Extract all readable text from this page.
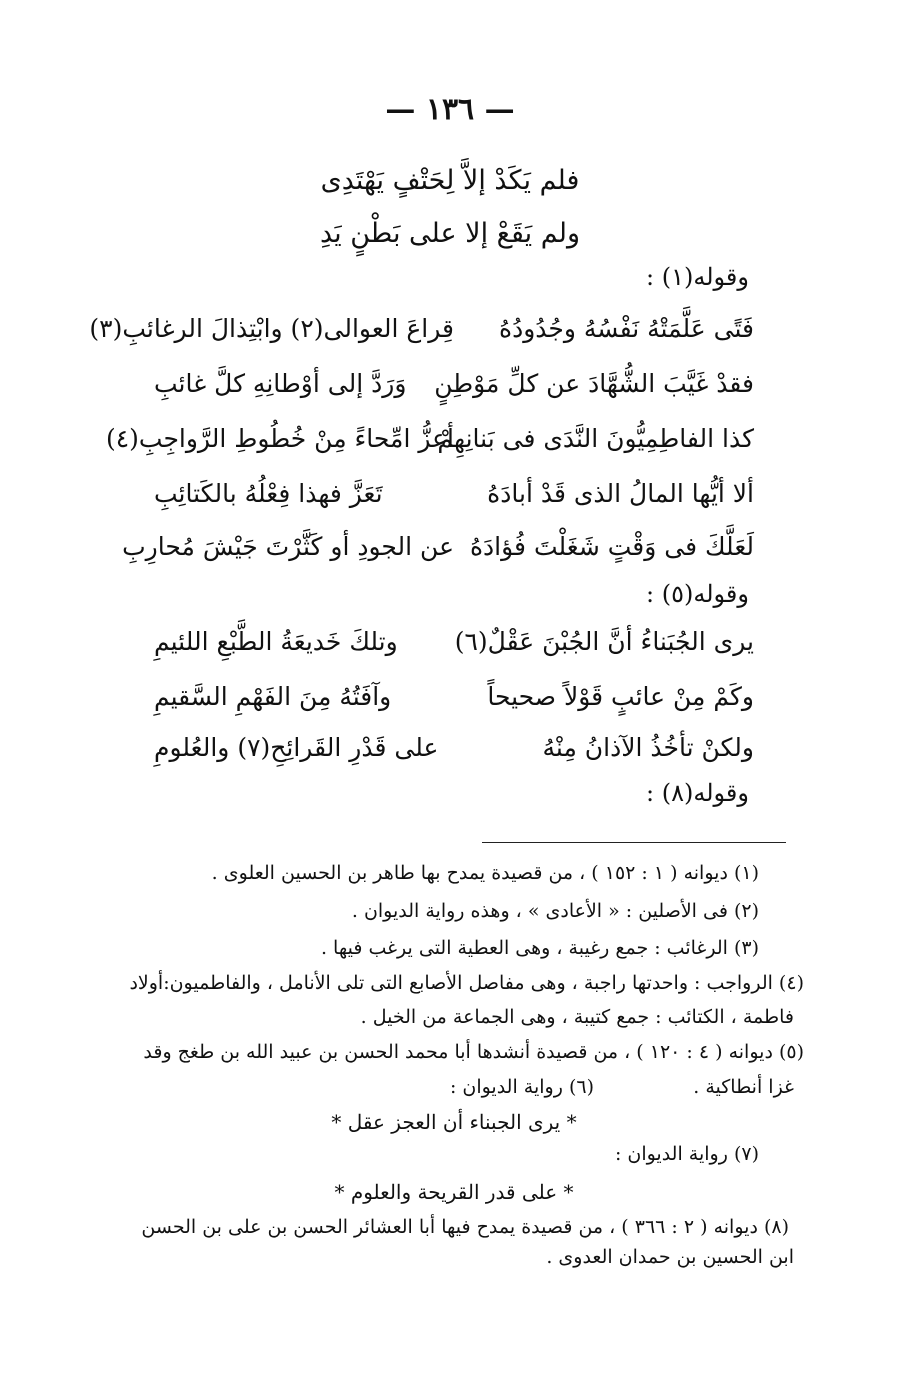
— ١٣٦ —
فلم يَكَدْ إلاَّ لِحَتْفٍ يَهْتَدِى
ولم يَقَعْ إلا على بَطْنٍ يَدِ
وقوله(١) :
فَتًى عَلَّمَتْهُ نَفْسُهُ وجُدُودُهُ
قِراعَ العوالى(٢) وابْتِذالَ الرغائبِ(٣)
فقدْ غَيَّبَ الشُّهَّادَ عن كلِّ مَوْطِنٍ
وَرَدَّ إلى أوْطانِهِ كلَّ غائبِ
كذا الفاطِمِيُّونَ النَّدَى فى بَنانِهِمْ
أعزُّ امِّحاءً مِنْ خُطُوطِ الرَّواجِبِ(٤)
ألا أيُّها المالُ الذى قَدْ أبادَهُ
تَعَزَّ فهذا فِعْلُهُ بالكَتائِبِ
لَعَلَّكَ فى وَقْتٍ شَغَلْتَ فُؤادَهُ
عن الجودِ أو كَثَّرْتَ جَيْشَ مُحارِبِ
وقوله(٥) :
يرى الجُبَناءُ أنَّ الجُبْنَ عَقْلٌ(٦)
وتلكَ خَديعَةُ الطَّبْعِ اللئيمِ
وكَمْ مِنْ عائبٍ قَوْلاً صحيحاً
وآفَتُهُ مِنَ الفَهْمِ السَّقيمِ
ولكنْ تأخُذُ الآذانُ مِنْهُ
على قَدْرِ القَرائِحِ(٧) والعُلومِ
وقوله(٨) :
(١) ديوانه ( ١ : ١٥٢ ) ، من قصيدة يمدح بها طاهر بن الحسين العلوى .
(٢) فى الأصلين : « الأعادى » ، وهذه رواية الديوان .
(٣) الرغائب : جمع رغيبة ، وهى العطية التى يرغب فيها .
(٤) الرواجب : واحدتها راجبة ، وهى مفاصل الأصابع التى تلى الأنامل ، والفاطميون:أولاد
فاطمة ، الكتائب : جمع كتيبة ، وهى الجماعة من الخيل .
(٥) ديوانه ( ٤ : ١٢٠ ) ، من قصيدة أنشدها أبا محمد الحسن بن عبيد الله بن طغج وقد
غزا أنطاكية .
(٦) رواية الديوان :
* يرى الجبناء أن العجز عقل *
(٧) رواية الديوان :
* على قدر القريحة والعلوم *
(٨) ديوانه ( ٢ : ٣٦٦ ) ، من قصيدة يمدح فيها أبا العشائر الحسن بن على بن الحسن
ابن الحسين بن حمدان العدوى .
